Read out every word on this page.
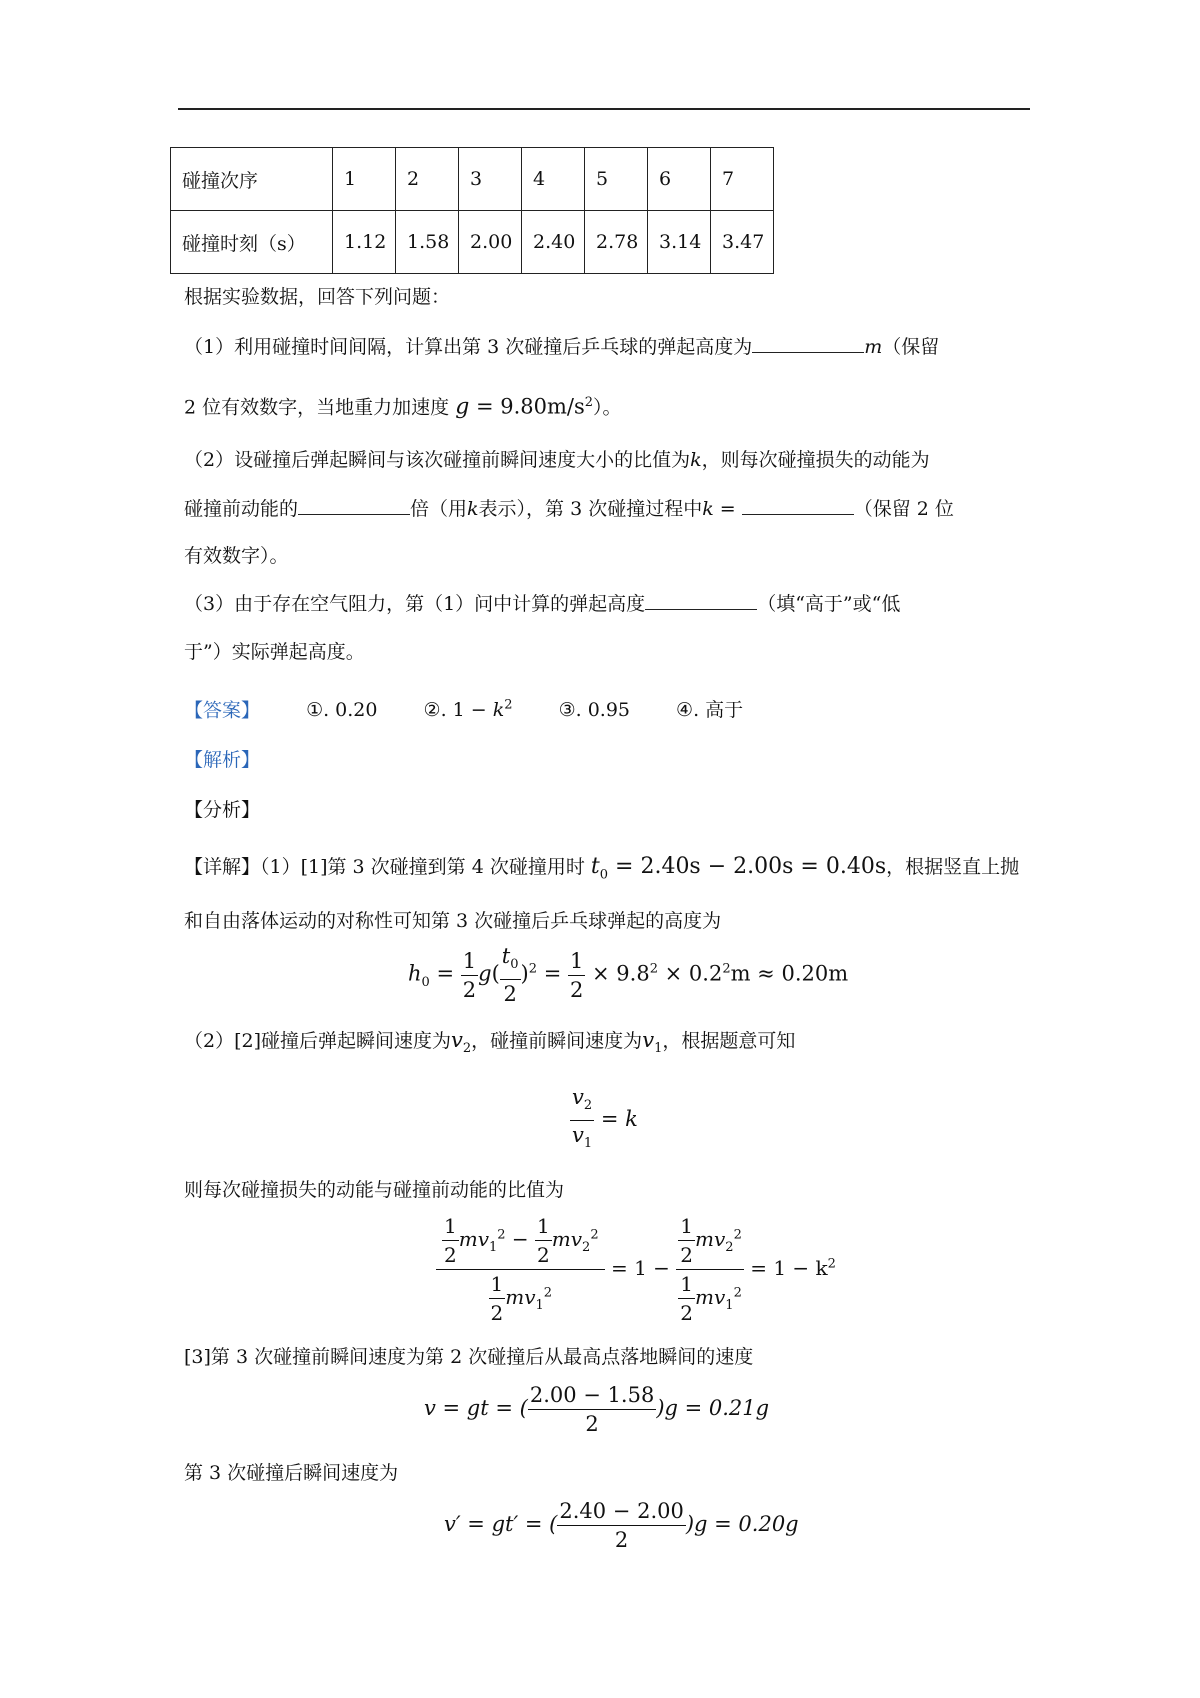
碰撞次序	1	2	3	4	5	6	7
碰撞时刻（s）	1.12	1.58	2.00	2.40	2.78	3.14	3.47
根据实验数据，回答下列问题：
（1）利用碰撞时间间隔，计算出第 3 次碰撞后乒乓球的弹起高度为	m（保留
2 位有效数字，当地重力加速度 $g = 9.80m/s^2$）。
（2）设碰撞后弹起瞬间与该次碰撞前瞬间速度大小的比值为k，则每次碰撞损失的动能为
碰撞前动能的	倍（用k表示），第 3 次碰撞过程中k =	（保留 2 位
有效数字）。
（3）由于存在空气阻力，第（1）问中计算的弹起高度	（填“高于”或“低
于”）实际弹起高度。
【答案】 ①. 0.20 ②. $1 - k^2$ ③. 0.95 ④. 高于
【解析】
【分析】
【详解】（1）[1]第 3 次碰撞到第 4 次碰撞用时 $t_0 = 2.40s - 2.00s = 0.40s$，根据竖直上抛
和自由落体运动的对称性可知第 3 次碰撞后乒乓球弹起的高度为
$h_0 = \frac{1}{2} g( \frac{t_0}{2} )^2 = \frac{1}{2} \times 9.8^2 \times 0.2^2m \approx 0.20m$
（2）[2]碰撞后弹起瞬间速度为$v_2$，碰撞前瞬间速度为$v_1$，根据题意可知
$\frac{v_2}{v_1} = k$
则每次碰撞损失的动能与碰撞前动能的比值为
$\frac{\frac{1}{2} mv_1^2 - \frac{1}{2} mv_2^2}{\frac{1}{2} mv_1^2} = 1 - \frac{\frac{1}{2} mv_2^2}{\frac{1}{2} mv_1^2} = 1 - k^2$
[3]第 3 次碰撞前瞬间速度为第 2 次碰撞后从最高点落地瞬间的速度
v = gt = ( $\frac{2.00 - 1.58}{2} )g = 0.21g$
第 3 次碰撞后瞬间速度为
v′ = gt′ = ( $\frac{2.40 - 2.00}{2} )g = 0.20g$
